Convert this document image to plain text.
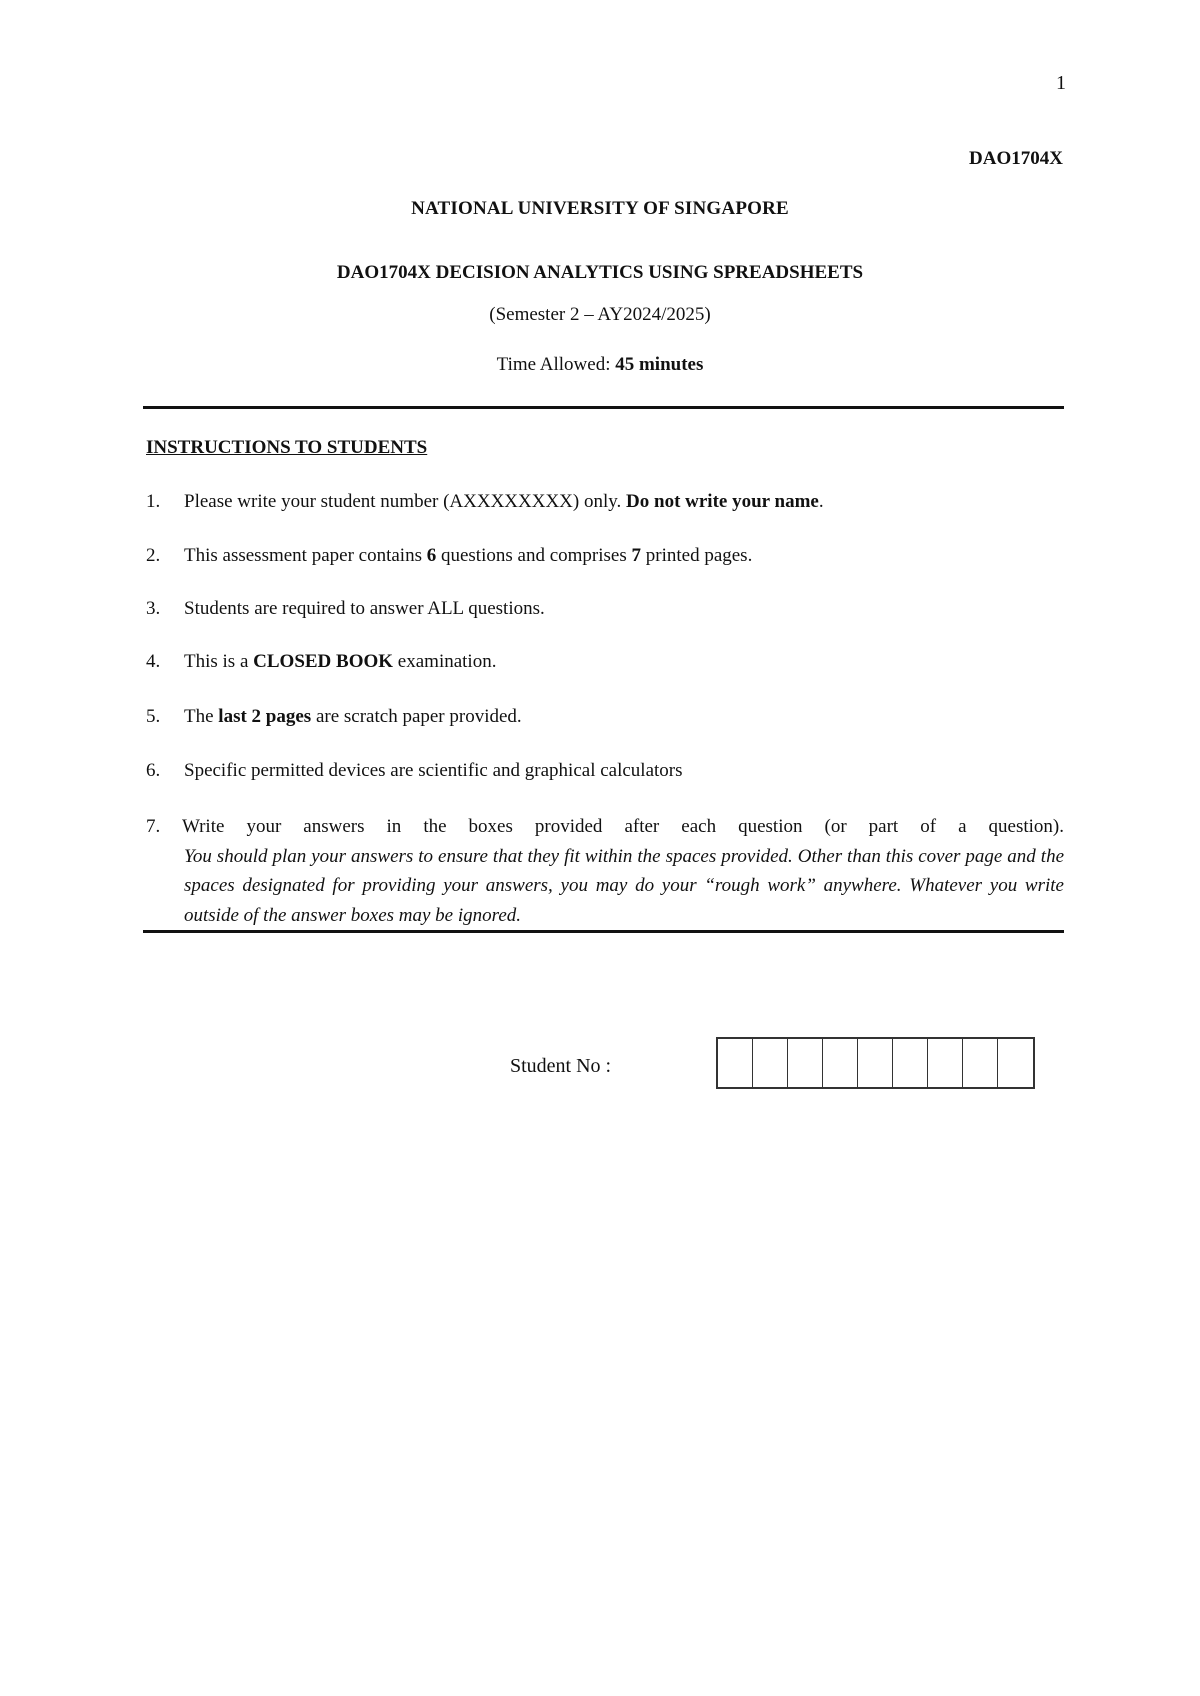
1
DAO1704X
NATIONAL UNIVERSITY OF SINGAPORE
DAO1704X DECISION ANALYTICS USING SPREADSHEETS
(Semester 2 – AY2024/2025)
Time Allowed: 45 minutes
INSTRUCTIONS TO STUDENTS
1. Please write your student number (AXXXXXXXX) only. Do not write your name.
2. This assessment paper contains 6 questions and comprises 7 printed pages.
3. Students are required to answer ALL questions.
4. This is a CLOSED BOOK examination.
5. The last 2 pages are scratch paper provided.
6. Specific permitted devices are scientific and graphical calculators
7. Write your answers in the boxes provided after each question (or part of a question).
You should plan your answers to ensure that they fit within the spaces provided. Other than this cover page and the spaces designated for providing your answers, you may do your “rough work” anywhere. Whatever you write outside of the answer boxes may be ignored.
Student No :
